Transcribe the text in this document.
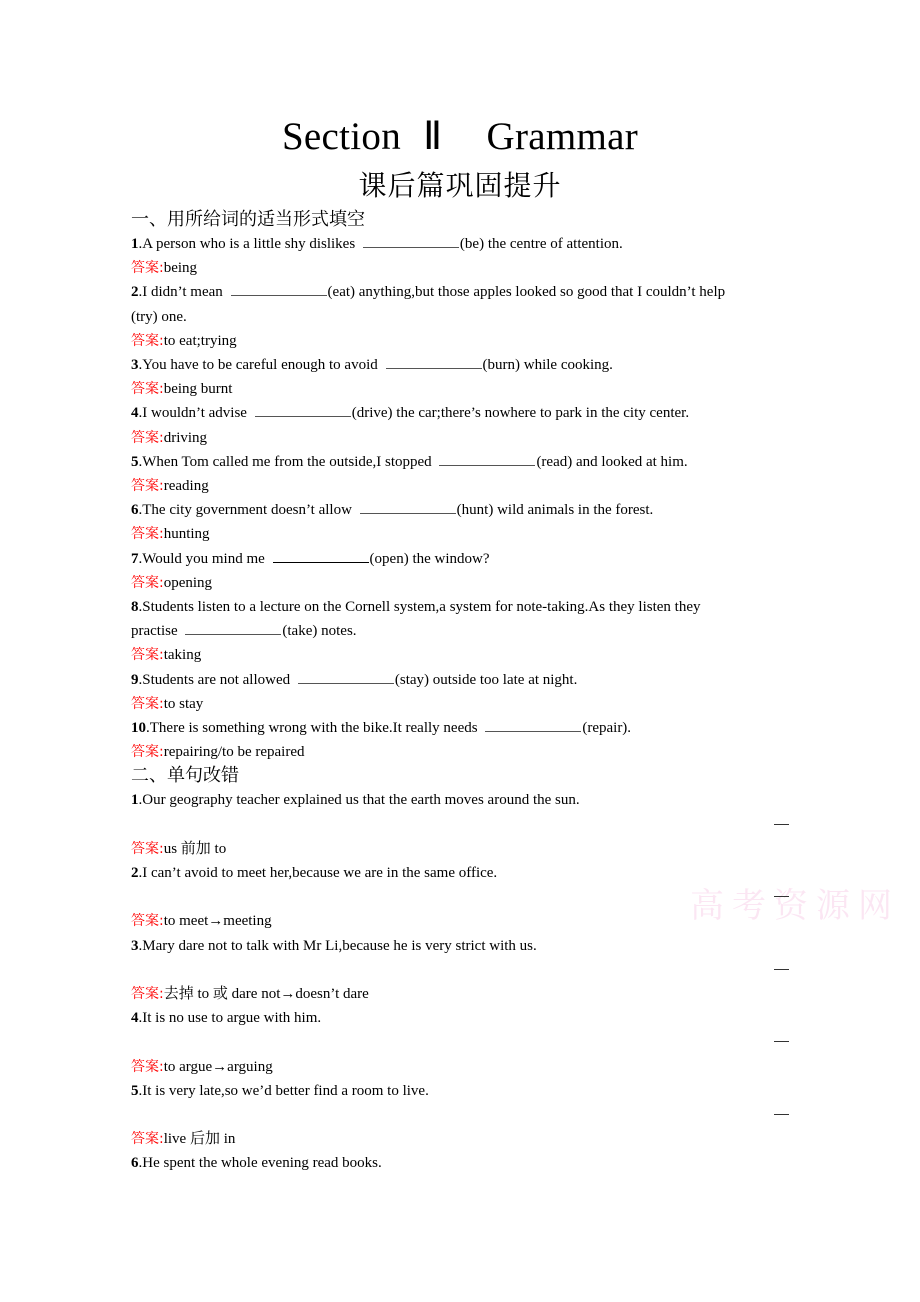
Section Ⅱ Grammar
课后篇巩固提升
高考资源网
一、用所给词的适当形式填空
1.A person who is a little shy dislikes	(be) the centre of attention.
答案:being
2.I didn’t mean	(eat) anything,but those apples looked so good that I couldn’t help
(try) one.
答案:to eat;trying
3.You have to be careful enough to avoid	(burn) while cooking.
答案:being burnt
4.I wouldn’t advise	(drive) the car;there’s nowhere to park in the city center.
答案:driving
5.When Tom called me from the outside,I stopped	(read) and looked at him.
答案:reading
6.The city government doesn’t allow	(hunt) wild animals in the forest.
答案:hunting
7.Would you mind me	(open) the window?
答案:opening
8.Students listen to a lecture on the Cornell system,a system for note-taking.As they listen they
practise	(take) notes.
答案:taking
9.Students are not allowed	(stay) outside too late at night.
答案:to stay
10.There is something wrong with the bike.It really needs	(repair).
答案:repairing/to be repaired
二、单句改错
1.Our geography teacher explained us that the earth moves around the sun.
答案:us 前加 to
2.I can’t avoid to meet her,because we are in the same office.
答案:to meet→meeting
3.Mary dare not to talk with Mr Li,because he is very strict with us.
答案:去掉 to 或 dare not→doesn’t dare
4.It is no use to argue with him.
答案:to argue→arguing
5.It is very late,so we’d better find a room to live.
答案:live 后加 in
6.He spent the whole evening read books.
